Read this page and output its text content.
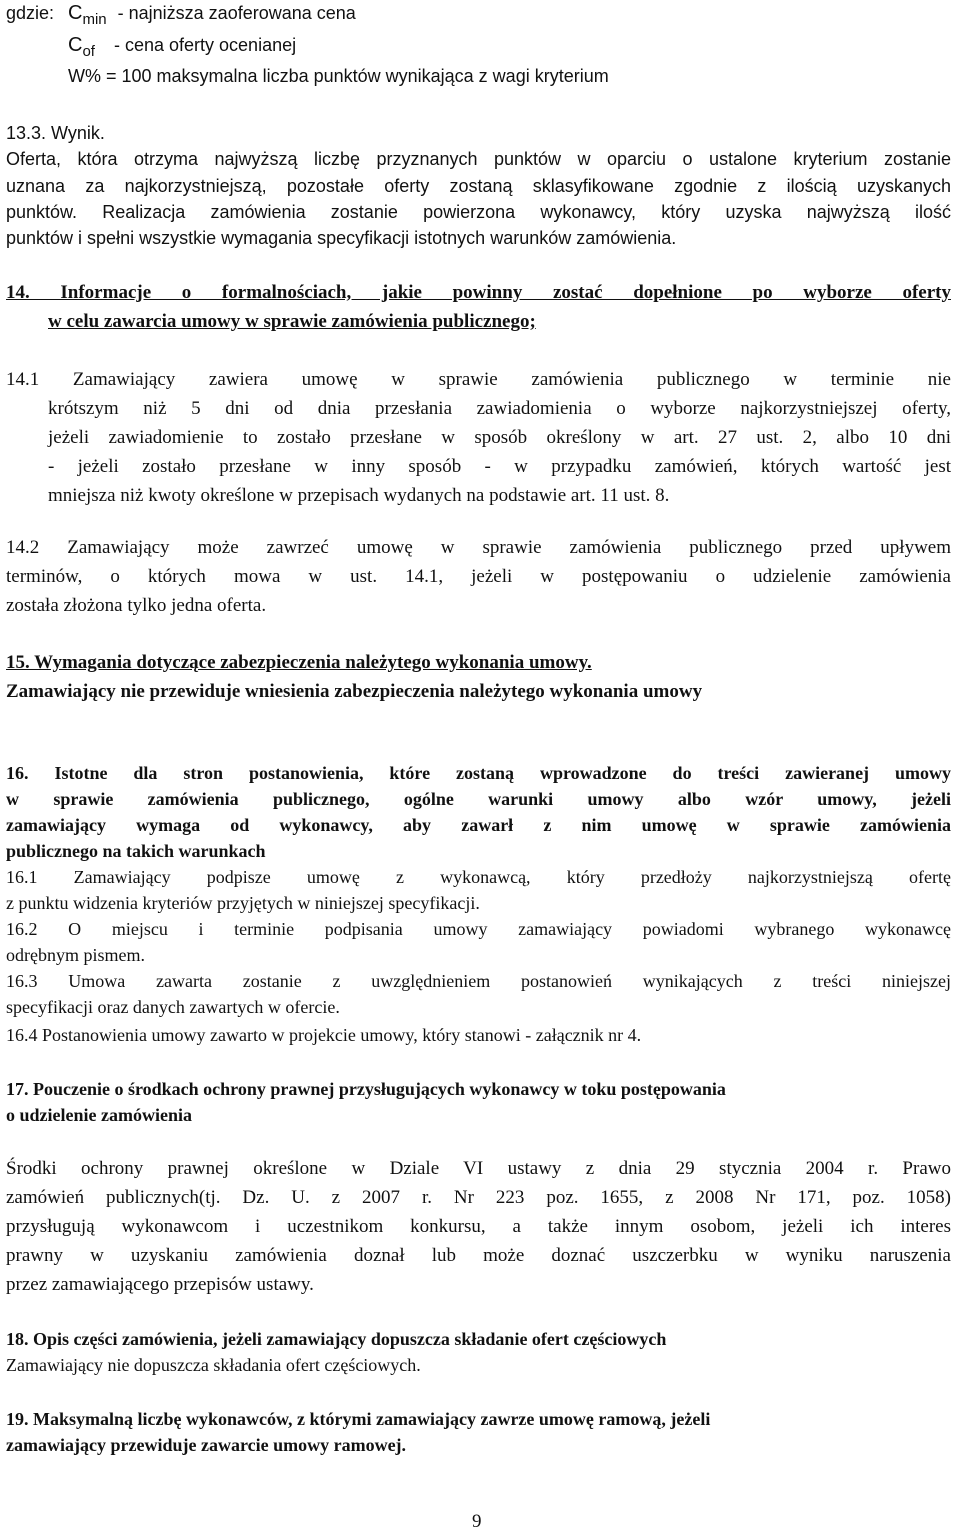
gdzie: $C_{min}$ - najniższa zaoferowana cena
$C_{of}$ - cena oferty ocenianej
W% = 100 maksymalna liczba punktów wynikająca z wagi kryterium
13.3. Wynik.
Oferta, która otrzyma najwyższą liczbę przyznanych punktów w oparciu o ustalone kryterium zostanie
uznana za najkorzystniejszą, pozostałe oferty zostaną sklasyfikowane zgodnie z ilością uzyskanych
punktów. Realizacja zamówienia zostanie powierzona wykonawcy, który uzyska najwyższą ilość
punktów i spełni wszystkie wymagania specyfikacji istotnych warunków zamówienia.
14. Informacje o formalnościach, jakie powinny zostać dopełnione po wyborze oferty
w celu zawarcia umowy w sprawie zamówienia publicznego;
14.1 Zamawiający zawiera umowę w sprawie zamówienia publicznego w terminie nie
krótszym niż 5 dni od dnia przesłania zawiadomienia o wyborze najkorzystniejszej oferty,
jeżeli zawiadomienie to zostało przesłane w sposób określony w art. 27 ust. 2, albo 10 dni
- jeżeli zostało przesłane w inny sposób - w przypadku zamówień, których wartość jest
mniejsza niż kwoty określone w przepisach wydanych na podstawie art. 11 ust. 8.
14.2 Zamawiający może zawrzeć umowę w sprawie zamówienia publicznego przed upływem
terminów, o których mowa w ust. 14.1, jeżeli w postępowaniu o udzielenie zamówienia
została złożona tylko jedna oferta.
15. Wymagania dotyczące zabezpieczenia należytego wykonania umowy.
Zamawiający nie przewiduje wniesienia zabezpieczenia należytego wykonania umowy
16. Istotne dla stron postanowienia, które zostaną wprowadzone do treści zawieranej umowy
w sprawie zamówienia publicznego, ogólne warunki umowy albo wzór umowy, jeżeli
zamawiający wymaga od wykonawcy, aby zawarł z nim umowę w sprawie zamówienia
publicznego na takich warunkach
16.1 Zamawiający podpisze umowę z wykonawcą, który przedłoży najkorzystniejszą ofertę
z punktu widzenia kryteriów przyjętych w niniejszej specyfikacji.
16.2 O miejscu i terminie podpisania umowy zamawiający powiadomi wybranego wykonawcę
odrębnym pismem.
16.3 Umowa zawarta zostanie z uwzględnieniem postanowień wynikających z treści niniejszej
specyfikacji oraz danych zawartych w ofercie.
16.4 Postanowienia umowy zawarto w projekcie umowy, który stanowi - załącznik nr 4.
17. Pouczenie o środkach ochrony prawnej przysługujących wykonawcy w toku postępowania
o udzielenie zamówienia
Środki ochrony prawnej określone w Dziale VI ustawy z dnia 29 stycznia 2004 r. Prawo
zamówień publicznych(tj. Dz. U. z 2007 r. Nr 223 poz. 1655, z 2008 Nr 171, poz. 1058)
przysługują wykonawcom i uczestnikom konkursu, a także innym osobom, jeżeli ich interes
prawny w uzyskaniu zamówienia doznał lub może doznać uszczerbku w wyniku naruszenia
przez zamawiającego przepisów ustawy.
18. Opis części zamówienia, jeżeli zamawiający dopuszcza składanie ofert częściowych
Zamawiający nie dopuszcza składania ofert częściowych.
19. Maksymalną liczbę wykonawców, z którymi zamawiający zawrze umowę ramową, jeżeli
zamawiający przewiduje zawarcie umowy ramowej.
9
